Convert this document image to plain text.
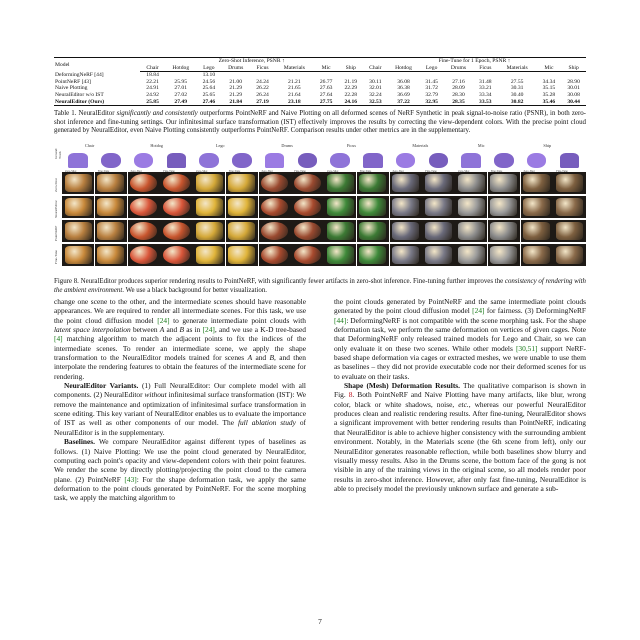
Model	Zero-Shot Inference, PSNR ↑								Fine-Tune for 1 Epoch, PSNR ↑							
	Chair	Hotdog	Lego	Drums	Ficus	Materials	Mic	Ship	Chair	Hotdog	Lego	Drums	Ficus	Materials	Mic	Ship
DeformingNeRF [44]	18.84		13.10													
PointNeRF [43]	22.21	25.95	24.56	21.00	24.24	21.21	26.77	21.19	30.11	36.08	31.45	27.16	31.48	27.55	34.34	28.90
Naive Plotting	24.91	27.01	25.64	21.29	26.22	21.65	27.63	22.29	32.01	36.38	31.72	28.09	33.21	30.31	35.15	30.01
NeuralEditor w/o IST	24.92	27.02	25.65	21.29	26.24	21.64	27.64	22.28	32.24	36.69	32.79	28.30	33.34	30.40	35.28	30.08
NeuralEditor (Ours)	25.85	27.49	27.46	21.84	27.19	23.18	27.75	24.16	32.53	37.22	32.95	28.35	33.53	30.82	35.46	30.44
Table 1. NeuralEditor significantly and consistently outperforms PointNeRF and Naive Plotting on all deformed scenes of NeRF Synthetic in peak signal-to-noise ratio (PSNR), in both zero-shot inference and fine-tuning settings. Our infinitesimal surface transformation (IST) effectively improves the results by correcting the view-dependent colors. With the precise point cloud generated by NeuralEditor, even Naive Plotting consistently outperforms PointNeRF. Comparison results under other metrics are in the supplementary.
Chair	Hotdog	Lego	Drums	Ficus	Materials	Mic	Ship
Ground Truth
Zero-Shot
NeuralEditor
PointNeRF
Fine-Tune
Zero-Shot	Fine-Tune	Zero-Shot	Fine-Tune	Zero-Shot	Fine-Tune	Zero-Shot	Fine-Tune	Zero-Shot	Fine-Tune	Zero-Shot	Fine-Tune	Zero-Shot	Fine-Tune	Zero-Shot	Fine-Tune
Figure 8. NeuralEditor produces superior rendering results to PointNeRF, with significantly fewer artifacts in zero-shot inference. Fine-tuning further improves the consistency of rendering with the ambient environment. We use a black background for better visualization.

change one scene to the other, and the intermediate scenes should have reasonable appearances. We are required to render all intermediate scenes. For this task, we use the point cloud diffusion model [24] to generate intermediate point clouds with latent space interpolation between A and B as in [24], and we use a K-D tree-based [4] matching algorithm to match the adjacent points to fix the indices of the intermediate scenes. To render an intermediate scene, we apply the shape transformation to the NeuralEditor models trained for scenes A and B, and then interpolate the rendering features to obtain the features of the intermediate scene for rendering.

NeuralEditor Variants. (1) Full NeuralEditor: Our complete model with all components. (2) NeuralEditor without infinitesimal surface transformation (IST): We remove the maintenance and optimization of infinitesimal surface transformation in scene editing. This key variant of NeuralEditor enables us to evaluate the importance of IST as well as other components of our model. The full ablation study of NeuralEditor is in the supplementary.

Baselines. We compare NeuralEditor against different types of baselines as follows. (1) Naive Plotting: We use the point cloud generated by NeuralEditor, computing each point's opacity and view-dependent colors with their point features. We render the scene by directly plotting/projecting the point cloud to the camera plane. (2) PointNeRF [43]: For the shape deformation task, we apply the same deformation to the point clouds generated by PointNeRF. For the scene morphing task, we apply the matching algorithm to

the point clouds generated by PointNeRF and the same intermediate point clouds generated by the point cloud diffusion model [24] for fairness. (3) DeformingNeRF [44]: DeformingNeRF is not compatible with the scene morphing task. For the shape deformation task, we perform the same deformation on vertices of given cages. Note that DeformingNeRF only released trained models for Lego and Chair, so we can only evaluate it on these two scenes. While other models [30,51] support NeRF-based shape deformation via cages or extracted meshes, we were unable to use them as baselines – they did not provide executable code nor their deformed scenes for us to evaluate on their tasks.

Shape (Mesh) Deformation Results. The qualitative comparison is shown in Fig. 8. Both PointNeRF and Naive Plotting have many artifacts, like blur, wrong color, black or white shadows, noise, etc., whereas our powerful NeuralEditor produces clean and realistic rendering results. After fine-tuning, NeuralEditor shows a significant improvement with better rendering results than PointNeRF, indicating that NeuralEditor is able to achieve higher consistency with the surrounding ambient environment. Notably, in the Materials scene (the 6th scene from left), only our NeuralEditor generates reasonable reflection, while both baselines show blurry and visually messy results. Also in the Drums scene, the bottom face of the gong is not visible in any of the training views in the original scene, so all models render poor results in zero-shot inference. However, after only fast fine-tuning, NeuralEditor is able to precisely model the previously unknown surface and generate a sub-

7
